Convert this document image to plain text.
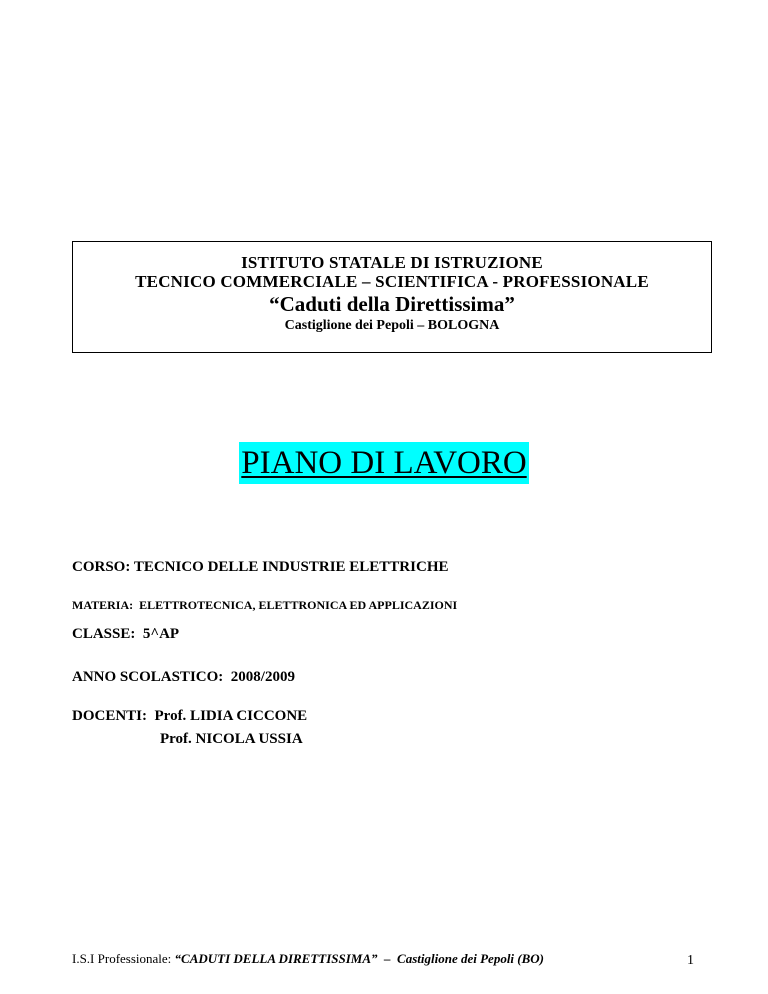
ISTITUTO STATALE DI ISTRUZIONE
TECNICO COMMERCIALE – SCIENTIFICA - PROFESSIONALE
“Caduti della Direttissima”
Castiglione dei Pepoli – BOLOGNA
PIANO DI LAVORO
CORSO: TECNICO DELLE INDUSTRIE ELETTRICHE
MATERIA:  ELETTROTECNICA, ELETTRONICA ED APPLICAZIONI
CLASSE:  5^AP
ANNO SCOLASTICO:  2008/2009
DOCENTI: Prof. LIDIA CICCONE
Prof. NICOLA USSIA
I.S.I Professionale: “CADUTI DELLA DIRETTISSIMA”  –  Castiglione dei Pepoli (BO)	1
